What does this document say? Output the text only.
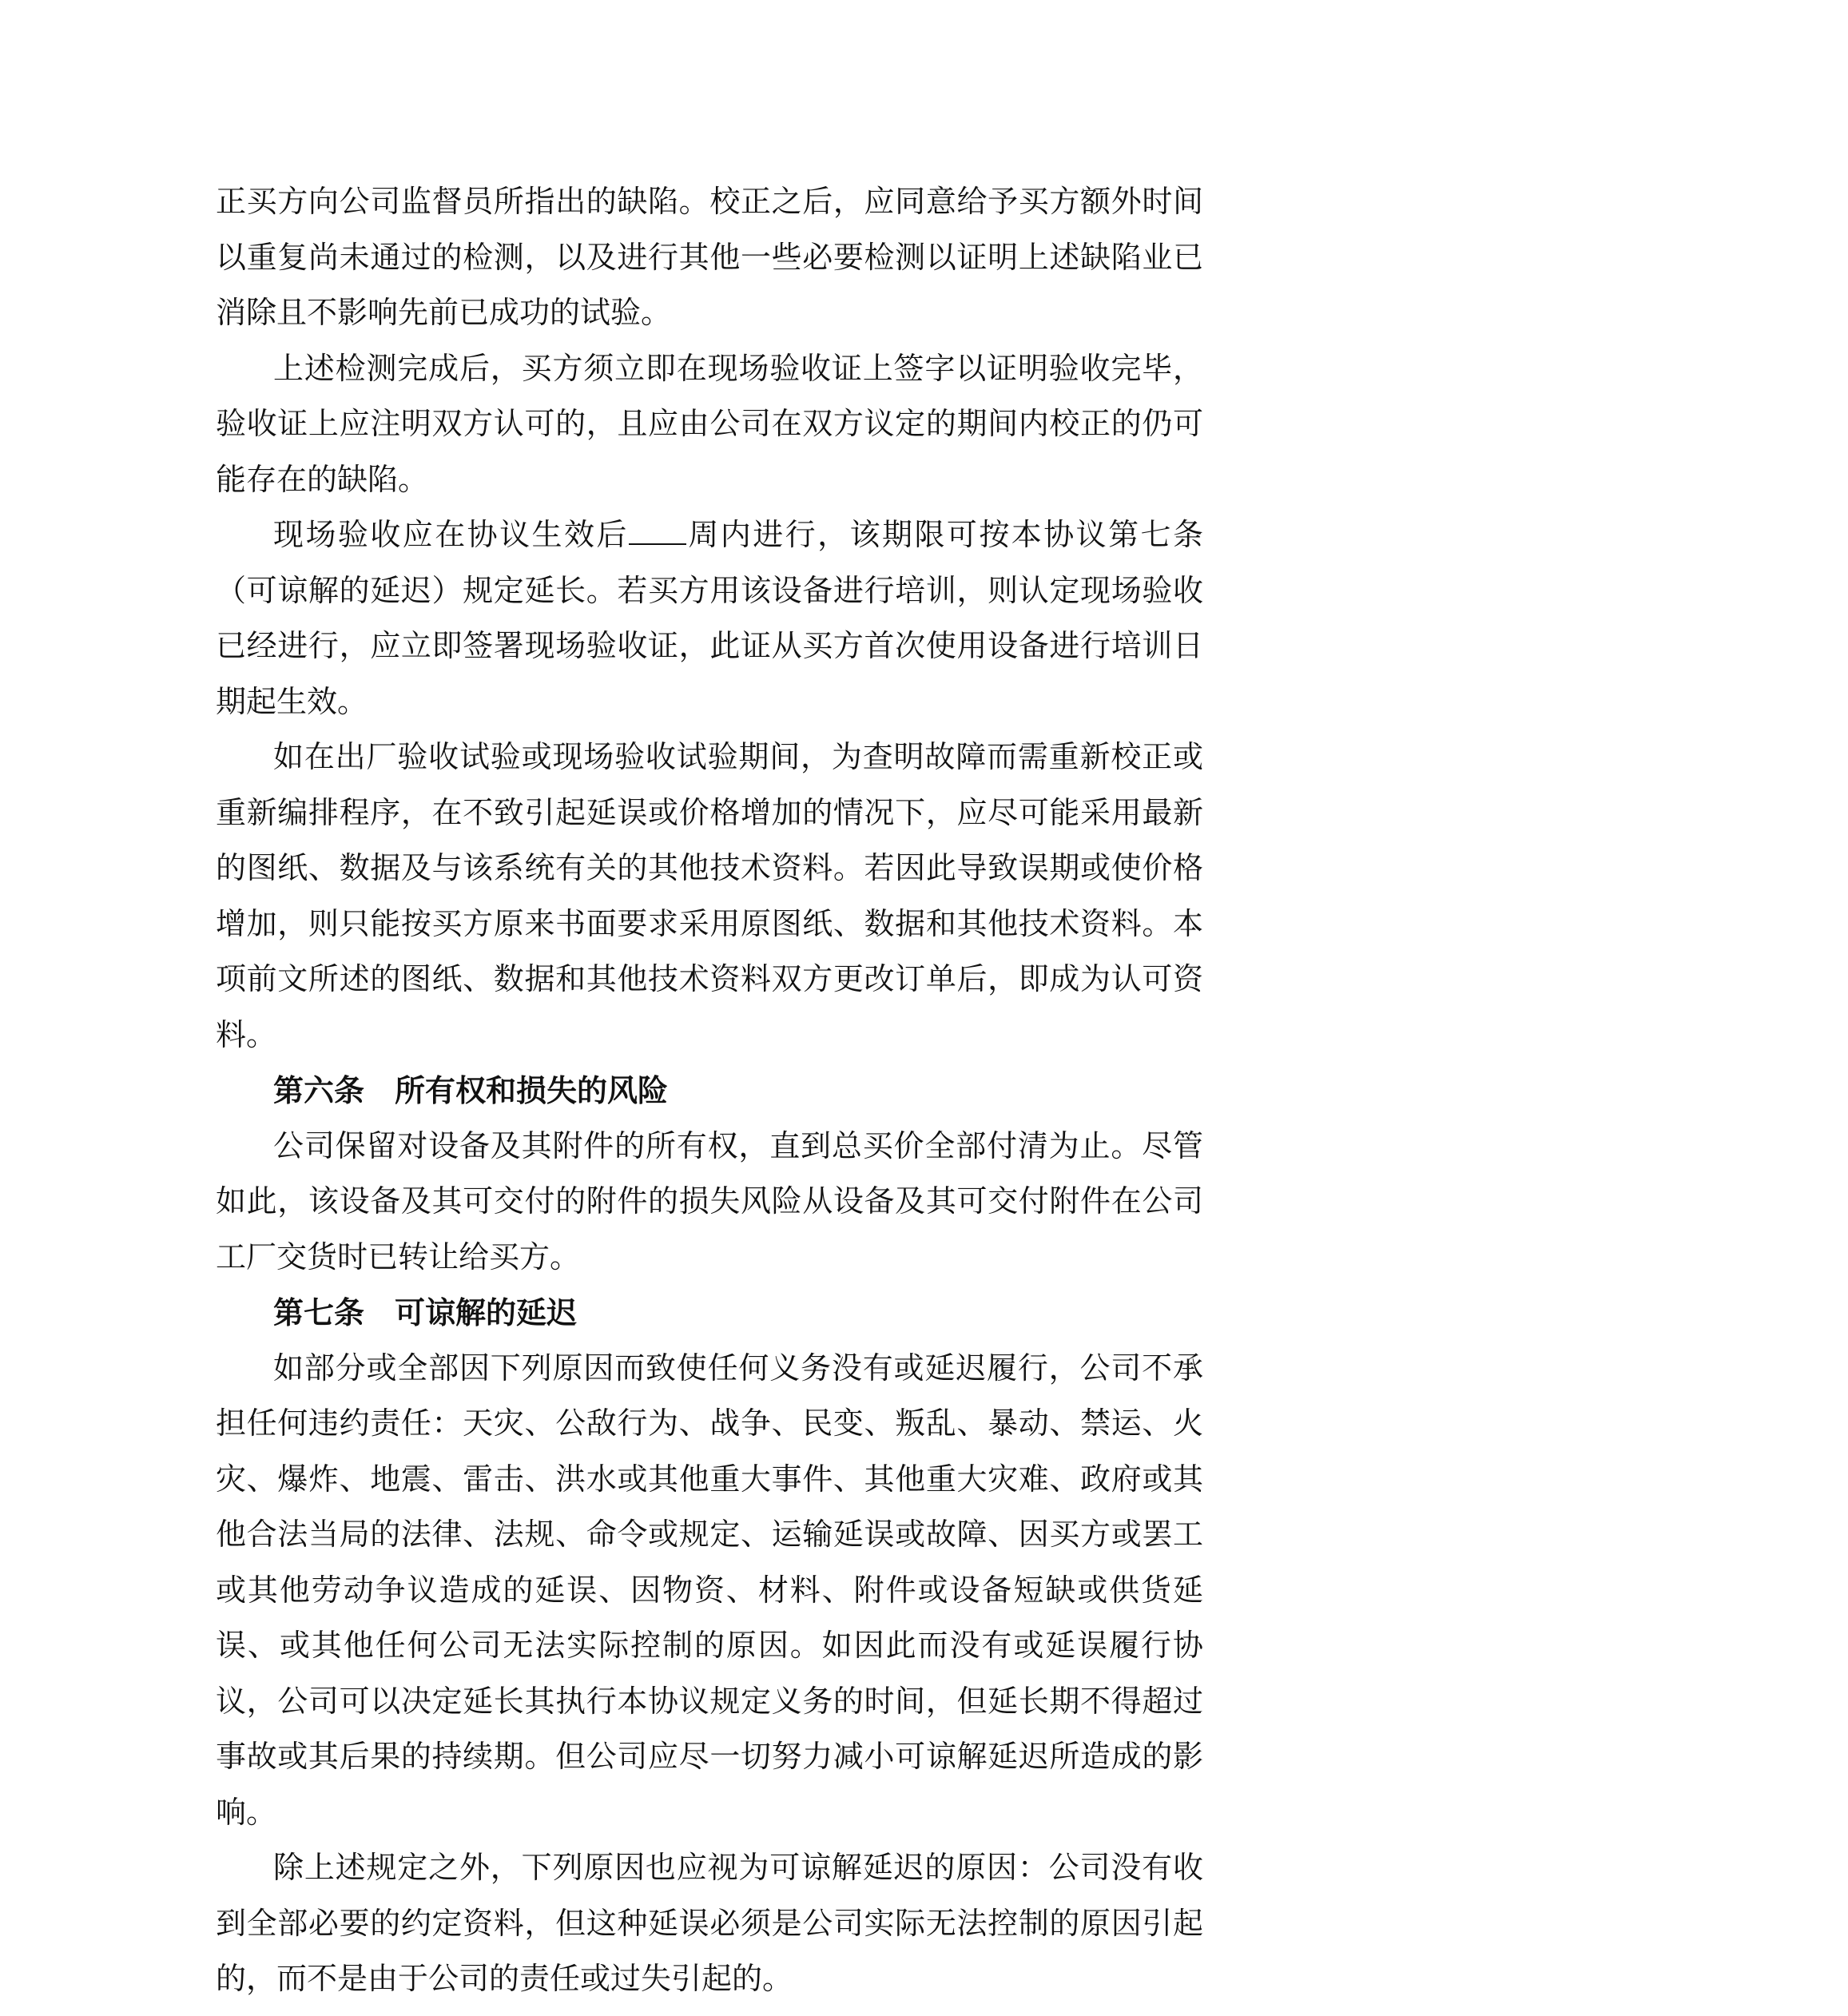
正买方向公司监督员所指出的缺陷。校正之后，应同意给予买方额外时间以重复尚未通过的检测，以及进行其他一些必要检测以证明上述缺陷业已消除且不影响先前已成功的试验。

上述检测完成后，买方须立即在现场验收证上签字以证明验收完毕，验收证上应注明双方认可的，且应由公司在双方议定的期间内校正的仍可能存在的缺陷。

现场验收应在协议生效后 周内进行，该期限可按本协议第七条（可谅解的延迟）规定延长。若买方用该设备进行培训，则认定现场验收已经进行，应立即签署现场验收证，此证从买方首次使用设备进行培训日期起生效。

如在出厂验收试验或现场验收试验期间，为查明故障而需重新校正或重新编排程序，在不致引起延误或价格增加的情况下，应尽可能采用最新的图纸、数据及与该系统有关的其他技术资料。若因此导致误期或使价格增加，则只能按买方原来书面要求采用原图纸、数据和其他技术资料。本项前文所述的图纸、数据和其他技术资料双方更改订单后，即成为认可资料。

第六条 所有权和损失的风险

公司保留对设备及其附件的所有权，直到总买价全部付清为止。尽管如此，该设备及其可交付的附件的损失风险从设备及其可交付附件在公司工厂交货时已转让给买方。

第七条 可谅解的延迟

如部分或全部因下列原因而致使任何义务没有或延迟履行，公司不承担任何违约责任：天灾、公敌行为、战争、民变、叛乱、暴动、禁运、火灾、爆炸、地震、雷击、洪水或其他重大事件、其他重大灾难、政府或其他合法当局的法律、法规、命令或规定、运输延误或故障、因买方或罢工或其他劳动争议造成的延误、因物资、材料、附件或设备短缺或供货延误、或其他任何公司无法实际控制的原因。如因此而没有或延误履行协议，公司可以决定延长其执行本协议规定义务的时间，但延长期不得超过事故或其后果的持续期。但公司应尽一切努力减小可谅解延迟所造成的影响。

除上述规定之外，下列原因也应视为可谅解延迟的原因：公司没有收到全部必要的约定资料，但这种延误必须是公司实际无法控制的原因引起的，而不是由于公司的责任或过失引起的。
